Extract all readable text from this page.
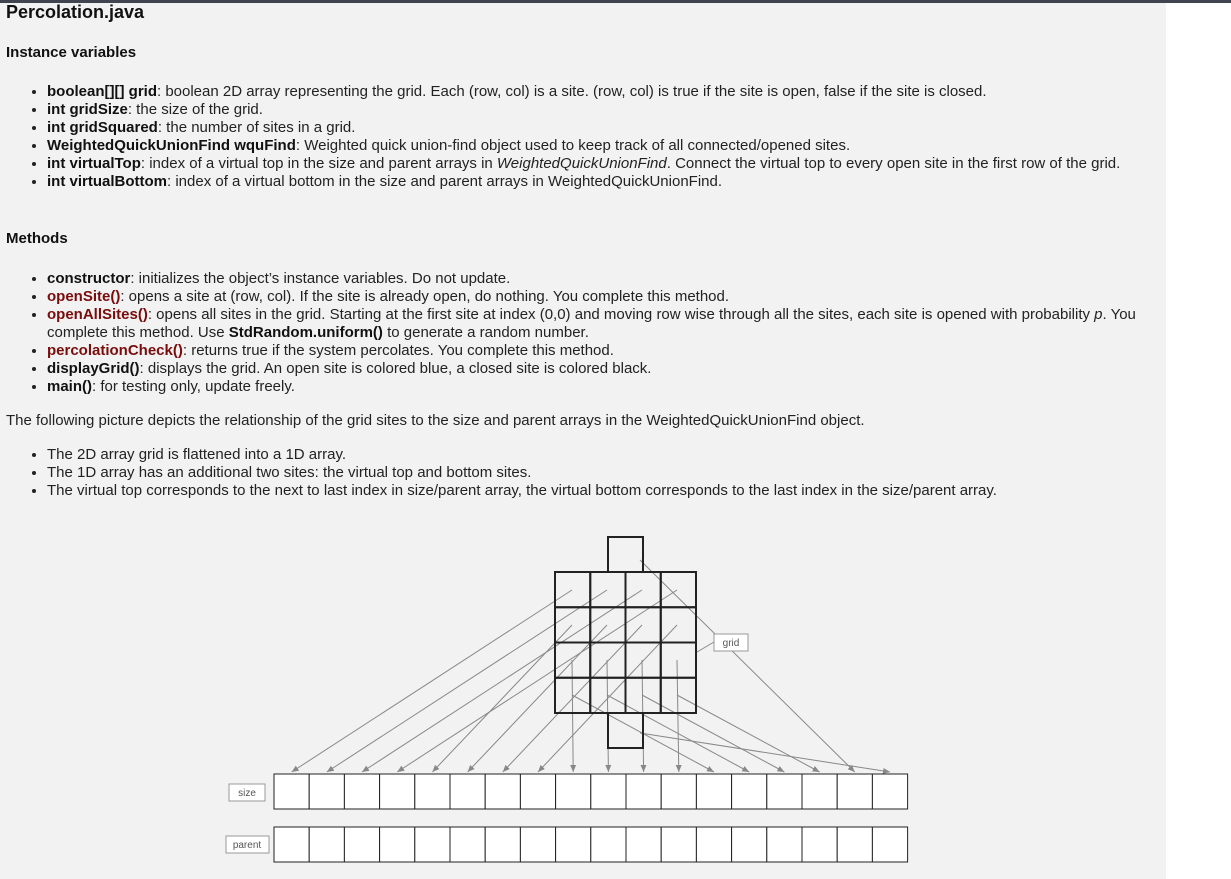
Percolation.java
Instance variables
• boolean[][] grid: boolean 2D array representing the grid. Each (row, col) is a site. (row, col) is true if the site is open, false if the site is closed.
• int gridSize: the size of the grid.
• int gridSquared: the number of sites in a grid.
• WeightedQuickUnionFind wquFind: Weighted quick union-find object used to keep track of all connected/opened sites.
• int virtualTop: index of a virtual top in the size and parent arrays in WeightedQuickUnionFind. Connect the virtual top to every open site in the first row of the grid.
• int virtualBottom: index of a virtual bottom in the size and parent arrays in WeightedQuickUnionFind.
Methods
• constructor: initializes the object’s instance variables. Do not update.
• openSite(): opens a site at (row, col). If the site is already open, do nothing. You complete this method.
• openAllSites(): opens all sites in the grid. Starting at the first site at index (0,0) and moving row wise through all the sites, each site is opened with probability p. You complete this method. Use StdRandom.uniform() to generate a random number.
• percolationCheck(): returns true if the system percolates. You complete this method.
• displayGrid(): displays the grid. An open site is colored blue, a closed site is colored black.
• main(): for testing only, update freely.
The following picture depicts the relationship of the grid sites to the size and parent arrays in the WeightedQuickUnionFind object.
• The 2D array grid is flattened into a 1D array.
• The 1D array has an additional two sites: the virtual top and bottom sites.
• The virtual top corresponds to the next to last index in size/parent array, the virtual bottom corresponds to the last index in the size/parent array.
grid
size
parent
